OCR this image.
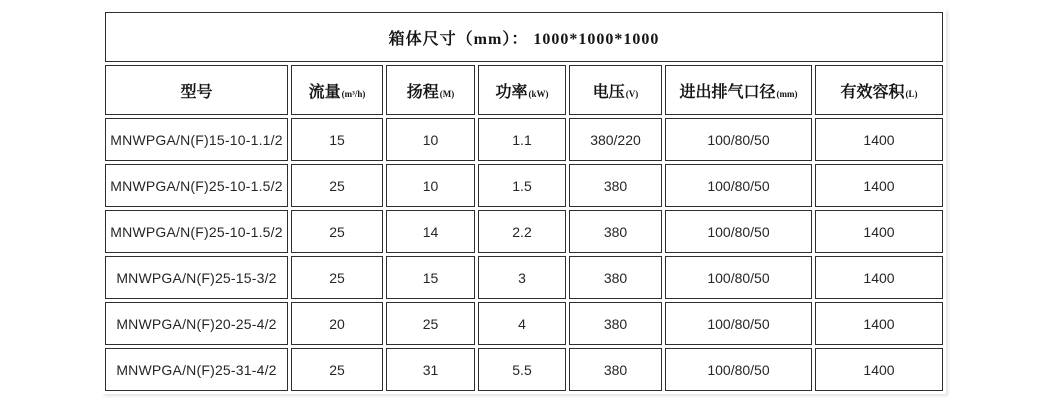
箱体尺寸（mm）： 1000*1000*1000						
型号	流量(m³/h)	扬程(M)	功率(kW)	电压(V)	进出排气口径(mm)	有效容积(L)
MNWPGA/N(F)15-10-1.1/2	15	10	1.1	380/220	100/80/50	1400
MNWPGA/N(F)25-10-1.5/2	25	10	1.5	380	100/80/50	1400
MNWPGA/N(F)25-10-1.5/2	25	14	2.2	380	100/80/50	1400
MNWPGA/N(F)25-15-3/2	25	15	3	380	100/80/50	1400
MNWPGA/N(F)20-25-4/2	20	25	4	380	100/80/50	1400
MNWPGA/N(F)25-31-4/2	25	31	5.5	380	100/80/50	1400
